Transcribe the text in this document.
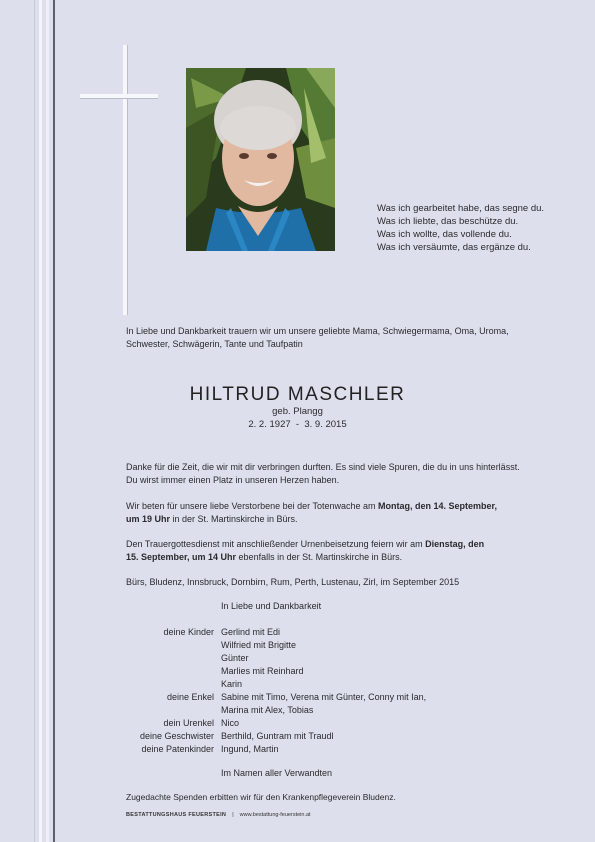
Was ich gearbeitet habe, das segne du.
Was ich liebte, das beschütze du.
Was ich wollte, das vollende du.
Was ich versäumte, das ergänze du.
In Liebe und Dankbarkeit trauern wir um unsere geliebte Mama, Schwiegermama, Oma, Uroma,
Schwester, Schwägerin, Tante und Taufpatin
HILTRUD MASCHLER
geb. Plangg
2. 2. 1927  -  3. 9. 2015
Danke für die Zeit, die wir mit dir verbringen durften. Es sind viele Spuren, die du in uns hinterlässt.
Du wirst immer einen Platz in unseren Herzen haben.
Wir beten für unsere liebe Verstorbene bei der Totenwache am Montag, den 14. September,
um 19 Uhr in der St. Martinskirche in Bürs.
Den Trauergottesdienst mit anschließender Urnenbeisetzung feiern wir am Dienstag, den
15. September, um 14 Uhr ebenfalls in der St. Martinskirche in Bürs.
Bürs, Bludenz, Innsbruck, Dornbirn, Rum, Perth, Lustenau, Zirl, im September 2015
In Liebe und Dankbarkeit
deine Kinder Gerlind mit Edi
Wilfried mit Brigitte
Günter
Marlies mit Reinhard
Karin
deine Enkel Sabine mit Timo, Verena mit Günter, Conny mit Ian,
Marina mit Alex, Tobias
dein Urenkel Nico
deine Geschwister Berthild, Guntram mit Traudl
deine Patenkinder Ingund, Martin
Im Namen aller Verwandten
Zugedachte Spenden erbitten wir für den Krankenpflegeverein Bludenz.
BESTATTUNGSHAUS FEUERSTEIN | www.bestattung-feuerstein.at
